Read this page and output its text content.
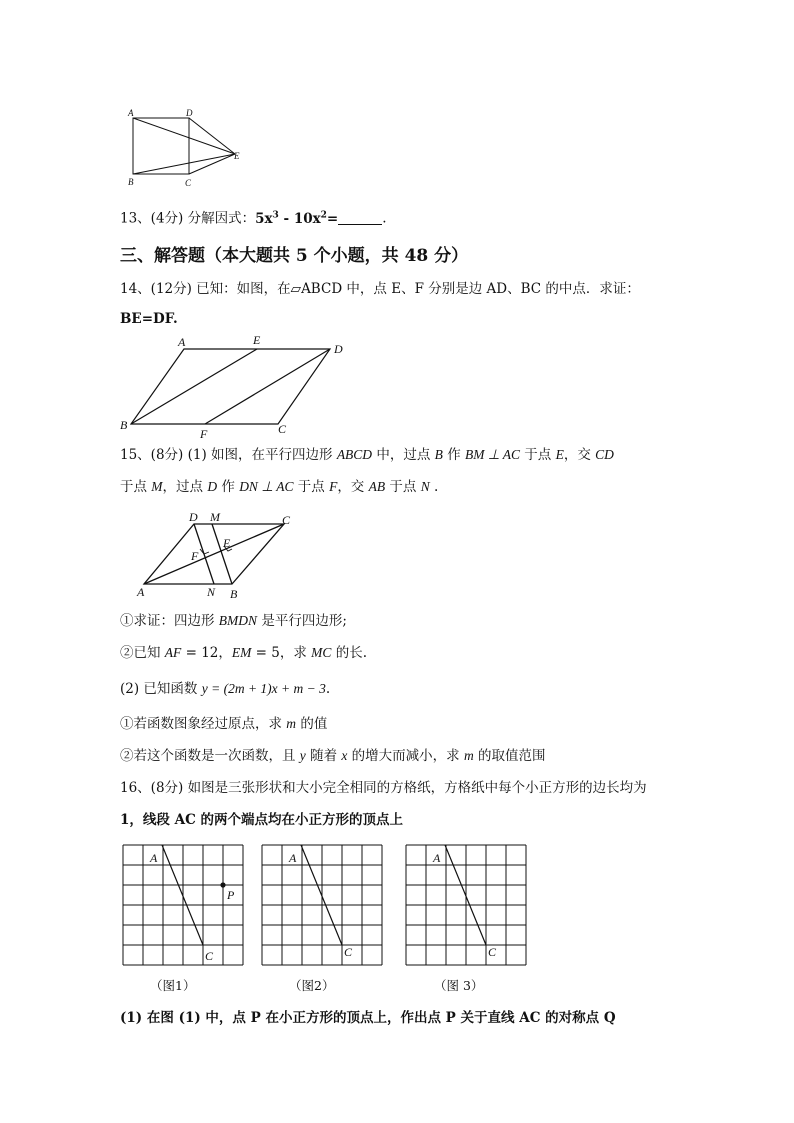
A	D
E
B	C
13、(4分) 分解因式：$5x^3 - 10x^2=$	.
三、解答题（本大题共 5 个小题，共 48 分）
14、(12分) 已知：如图，在▱ABCD 中，点 E、F 分别是边 AD、BC 的中点．求证：
BE=DF.
A	E
D
B
F	C
15、(8分) (1) 如图，在平行四边形 ABCD 中，过点 B 作 BM ⊥ AC 于点 E，交 CD
于点 M，过点 D 作 DN ⊥ AC 于点 F，交 AB 于点 N .
D M	C
F
E
A	N B
①求证：四边形 BMDN 是平行四边形;
②已知 AF = 12，EM = 5，求 MC 的长.
(2) 已知函数 y = (2m + 1)x + m − 3.
①若函数图象经过原点，求 m 的值
②若这个函数是一次函数，且 y 随着 x 的增大而减小，求 m 的取值范围
16、(8分) 如图是三张形状和大小完全相同的方格纸，方格纸中每个小正方形的边长均为
1，线段 AC 的两个端点均在小正方形的顶点上
A
C
P
（图1）
A
C
（图2）
A
C
（图 3）
(1) 在图 (1) 中，点 P 在小正方形的顶点上，作出点 P 关于直线 AC 的对称点 Q
